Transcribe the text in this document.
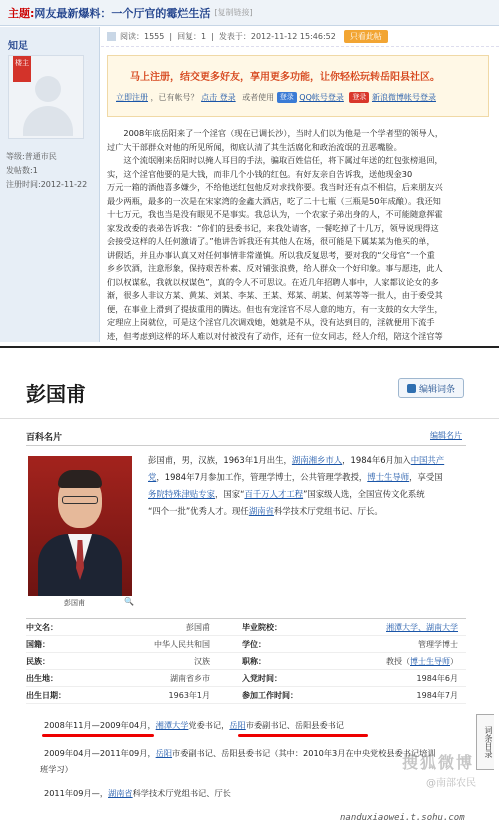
主题: 网友最新爆料：一个厅官的霉烂生活 [复制链接]
知足
楼主
等级:普通市民
发帖数:1
注册时间:2012-11-22
阅读：1555 | 回复：1 | 发表于：2012-11-12 15:46:52	只看此帖
马上注册，结交更多好友，享用更多功能，让你轻松玩转岳阳县社区。
立即注册 ，已有帐号？ 点击 登录 或者使用 登录 QQ帐号登录 登录 新浪微博帐号登录
　　2008年底岳阳来了一个淫官（现在已调长沙），当时人们以为他是一个学者型的领导人，
过广大干部群众对他的所见所闻，彻底认清了其生活腐化和政治流氓的丑恶嘴脸。
　　这个流氓刚来岳阳时以掩人耳目的手法，骗取百姓信任，将下属过年送的红包张榜退回，
实，这个淫官他要的是大钱，而非几个小钱的红包。有好友亲自告诉我，送他现金30
万元一箱的酒他喜多嫌少，不给他送红包他反对求找你要。我当时还有点不相信，后来朋友兴
最少两瓶，最多的一次是在宋家湾的金鑫大酒店，吃了二十七瓶（三瓶是50年成酿）。我还知
十七万元，我也当是没有眼见不是事实。我总认为，一个农家子弟出身的人，不可能随意挥霍
家发改委的表弟告诉我：“你们的县委书记，来我处请客，一餐吃掉了十几万，领导说现得这
会接受这样的人任何激请了。”他讲告诉我还有其他人在场，很可能是下属某某为他买的单，
讲假话，并且办事认真又对任何事情非常谨慎。所以我反复思考，要对我的“父母官”一个重
乡乡饮酒，注意形象，保持艰苦朴素、反对铺张浪费，给人群众一个好印象。事与愿违，此人
们以权谋私，我就以权谋色”，真的令人不可思议。在近几年招聘人事中，人家都议论女的多
渐，很多人非议方某、黄某、刘某、李某、王某、郑某、胡某、何某等等一批人，由于委受其
便，在事业上滑到了提拔重用的腾达。但也有宠淫官不尽人意的地方，有一支鼓的女大学生，
定理应上岗就位，可是这个淫官几次调戏她，她就是不从，没有达到目的，淫就便用下流手
迹，但考虑到这样的坏人难以对付被没有了动作，还有一位女同志，经人介绍，陪这个淫官等
彭国甫	编辑词条
百科名片	编辑名片
彭国甫	🔍
彭国甫，男，汉族，1963年1月出生，湖南湘乡市人，1984年6月加入中国共产
党，1984年7月参加工作，管理学博士，公共管理学教授，博士生导师，享受国
务院特殊津贴专家，国家“百千万人才工程”国家级人选，全国宣传文化系统
“四个一批”优秀人才。现任湖南省科学技术厅党组书记、厅长。
中文名：	彭国甫	毕业院校：	湘潭大学、湖南大学
国籍：	中华人民共和国	学位：	管理学博士
民族：	汉族	职称：	教授（博士生导师）
出生地：	湖南省乡市	入党时间：	1984年6月
出生日期：	1963年1月	参加工作时间：	1984年7月
2008年11月—2009年04月，湘潭大学党委书记，岳阳市委副书记、岳阳县委书记
2009年04月—2011年09月，岳阳市委副书记、岳阳县委书记（其中：2010年3月在中央党校县委书记培训
班学习）
2011年09月—，湖南省科学技术厅党组书记、厅长
词条目录
搜狐微博
@南部农民
nanduxiaowei.t.sohu.com
